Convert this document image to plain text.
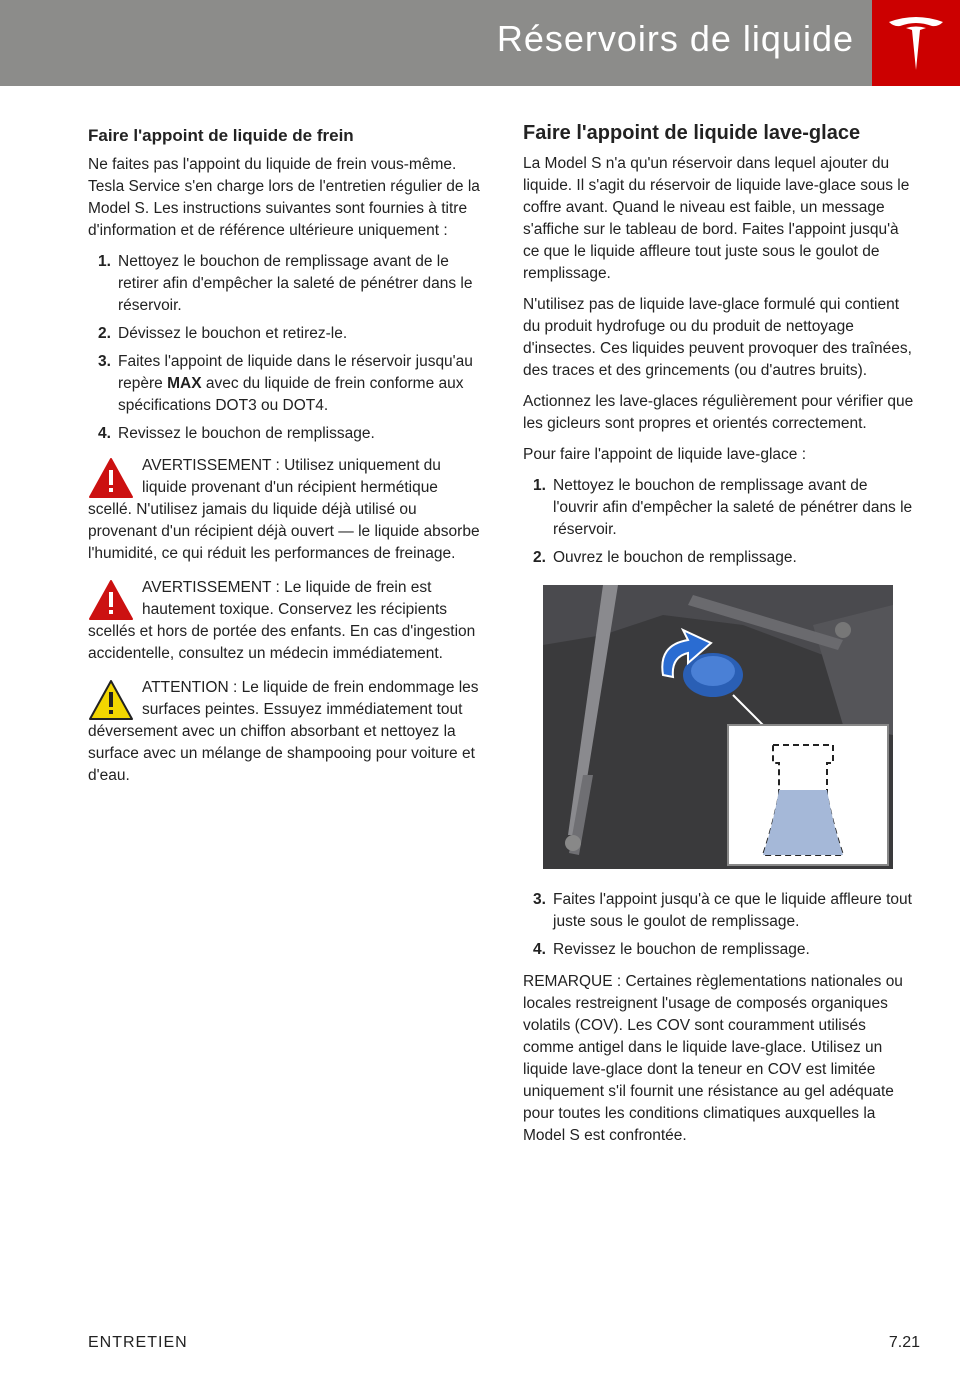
Réservoirs de liquide
Faire l'appoint de liquide de frein

Ne faites pas l'appoint du liquide de frein vous-même. Tesla Service s'en charge lors de l'entretien régulier de la Model S. Les instructions suivantes sont fournies à titre d'information et de référence ultérieure uniquement :

1. Nettoyez le bouchon de remplissage avant de le retirer afin d'empêcher la saleté de pénétrer dans le réservoir.
2. Dévissez le bouchon et retirez-le.
3. Faites l'appoint de liquide dans le réservoir jusqu'au repère MAX avec du liquide de frein conforme aux spécifications DOT3 ou DOT4.
4. Revissez le bouchon de remplissage.
AVERTISSEMENT : Utilisez uniquement du liquide provenant d'un récipient hermétique scellé. N'utilisez jamais du liquide déjà utilisé ou provenant d'un récipient déjà ouvert — le liquide absorbe l'humidité, ce qui réduit les performances de freinage.
AVERTISSEMENT : Le liquide de frein est hautement toxique. Conservez les récipients scellés et hors de portée des enfants. En cas d'ingestion accidentelle, consultez un médecin immédiatement.
ATTENTION : Le liquide de frein endommage les surfaces peintes. Essuyez immédiatement tout déversement avec un chiffon absorbant et nettoyez la surface avec un mélange de shampooing pour voiture et d'eau.
Faire l'appoint de liquide lave-glace

La Model S n'a qu'un réservoir dans lequel ajouter du liquide. Il s'agit du réservoir de liquide lave-glace sous le coffre avant. Quand le niveau est faible, un message s'affiche sur le tableau de bord. Faites l'appoint jusqu'à ce que le liquide affleure tout juste sous le goulot de remplissage.

N'utilisez pas de liquide lave-glace formulé qui contient du produit hydrofuge ou du produit de nettoyage d'insectes. Ces liquides peuvent provoquer des traînées, des traces et des grincements (ou d'autres bruits).

Actionnez les lave-glaces régulièrement pour vérifier que les gicleurs sont propres et orientés correctement.

Pour faire l'appoint de liquide lave-glace :

1. Nettoyez le bouchon de remplissage avant de l'ouvrir afin d'empêcher la saleté de pénétrer dans le réservoir.
2. Ouvrez le bouchon de remplissage.
3. Faites l'appoint jusqu'à ce que le liquide affleure tout juste sous le goulot de remplissage.
4. Revissez le bouchon de remplissage.

REMARQUE : Certaines règlementations nationales ou locales restreignent l'usage de composés organiques volatils (COV). Les COV sont couramment utilisés comme antigel dans le liquide lave-glace. Utilisez un liquide lave-glace dont la teneur en COV est limitée uniquement s'il fournit une résistance au gel adéquate pour toutes les conditions climatiques auxquelles la Model S est confrontée.

ENTRETIEN	7.21
